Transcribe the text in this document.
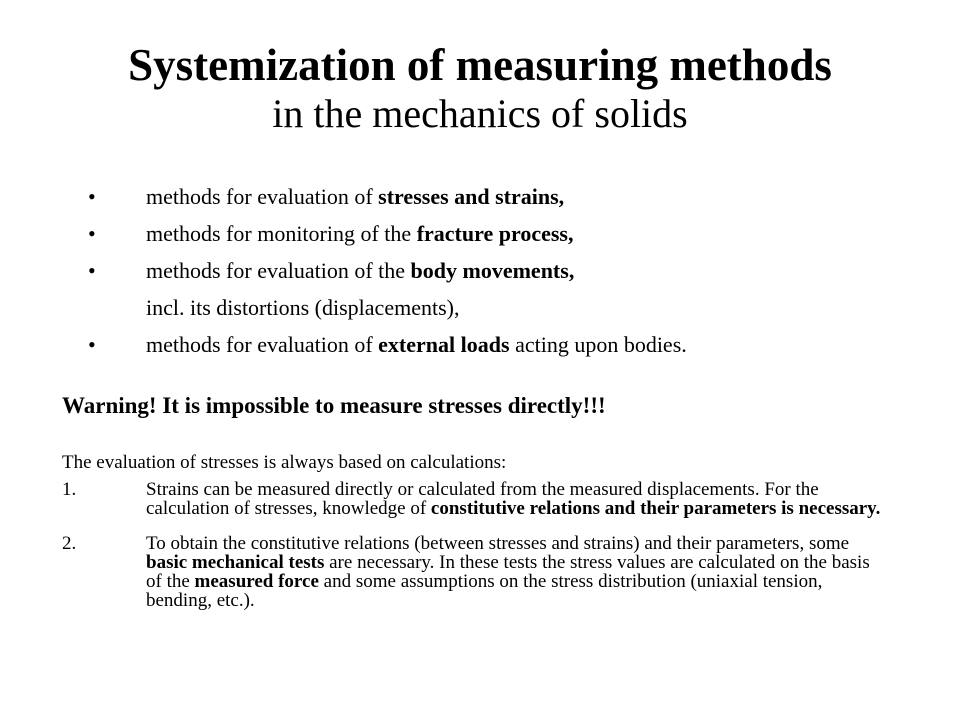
Systemization of measuring methods
in the mechanics of solids
• methods for evaluation of stresses and strains,
• methods for monitoring of the fracture process,
• methods for evaluation of the body movements,
incl. its distortions (displacements),
• methods for evaluation of external loads acting upon bodies.
Warning! It is impossible to measure stresses directly!!!
The evaluation of stresses is always based on calculations:
1.	Strains can be measured directly or calculated from the measured displacements. For the calculation of stresses, knowledge of constitutive relations and their parameters is necessary.
2.	To obtain the constitutive relations (between stresses and strains) and their parameters, some basic mechanical tests are necessary. In these tests the stress values are calculated on the basis of the measured force and some assumptions on the stress distribution (uniaxial tension, bending, etc.).
